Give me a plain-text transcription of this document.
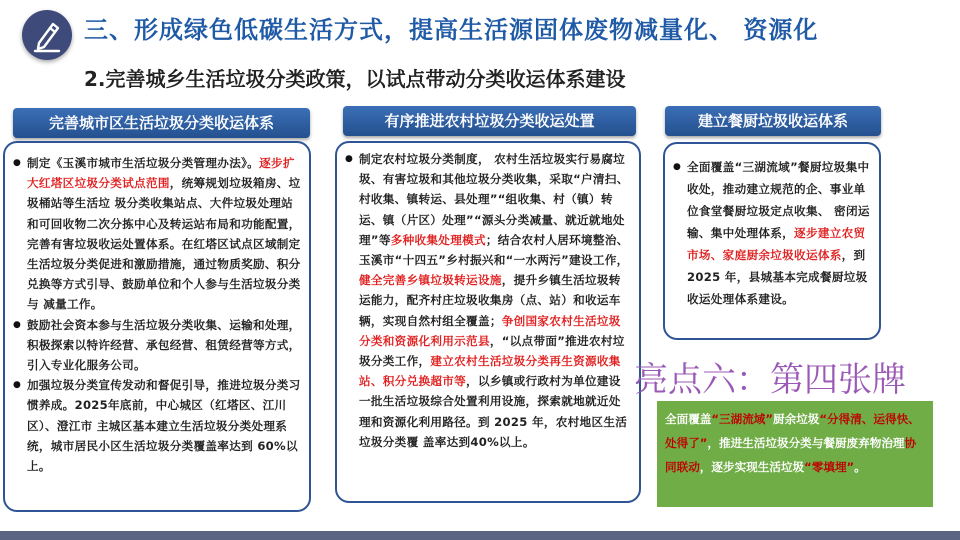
三、形成绿色低碳生活方式，提高生活源固体废物减量化、 资源化
2.完善城乡生活垃圾分类政策，以试点带动分类收运体系建设
完善城市区生活垃圾分类收运体系	有序推进农村垃圾分类收运处置	建立餐厨垃圾收运体系
● 制定《玉溪市城市生活垃圾分类管理办法》。逐步扩大红塔区垃圾分类试点范围，统筹规划垃圾箱房、垃圾桶站等生活垃 圾分类收集站点、大件垃圾处理站和可回收物二次分拣中心及转运站布局和功能配置，完善有害垃圾收运处置体系。在红塔区试点区域制定生活垃圾分类促进和激励措施，通过物质奖励、积分兑换等方式引导、鼓励单位和个人参与生活垃圾分类与 减量工作。
● 鼓励社会资本参与生活垃圾分类收集、运输和处理， 积极探索以特许经营、承包经营、租赁经营等方式，引入专业化服务公司。
● 加强垃圾分类宣传发动和督促引导，推进垃圾分类习惯养成。2025年底前，中心城区（红塔区、江川区）、澄江市 主城区基本建立生活垃圾分类处理系统，城市居民小区生活垃圾分类覆盖率达到 60%以上。
● 制定农村垃圾分类制度， 农村生活垃圾实行易腐垃圾、有害垃圾和其他垃圾分类收集，采取“户清扫、村收集、镇转运、县处理”“组收集、村（镇）转运、镇（片区）处理”“源头分类减量、就近就地处理”等多种收集处理模式；结合农村人居环境整治、玉溪市“十四五”乡村振兴和“一水两污”建设工作，健全完善乡镇垃圾转运设施，提升乡镇生活垃圾转运能力，配齐村庄垃圾收集房（点、站）和收运车辆，实现自然村组全覆盖；争创国家农村生活垃圾分类和资源化利用示范县，“以点带面”推进农村垃圾分类工作，建立农村生活垃圾分类再生资源收集站、积分兑换超市等，以乡镇或行政村为单位建设一批生活垃圾综合处置利用设施，探索就地就近处理和资源化利用路径。到 2025 年，农村地区生活垃圾分类覆 盖率达到40%以上。
● 全面覆盖“三湖流域”餐厨垃圾集中收处，推动建立规范的企、事业单位食堂餐厨垃圾定点收集、 密闭运输、集中处理体系，逐步建立农贸市场、家庭厨余垃圾收运体系，到 2025 年，县城基本完成餐厨垃圾收运处理体系建设。
亮点六：第四张牌
全面覆盖“三湖流域”厨余垃圾“分得清、运得快、处得了”，推进生活垃圾分类与餐厨废弃物治理协同联动，逐步实现生活垃圾“零填埋”。
